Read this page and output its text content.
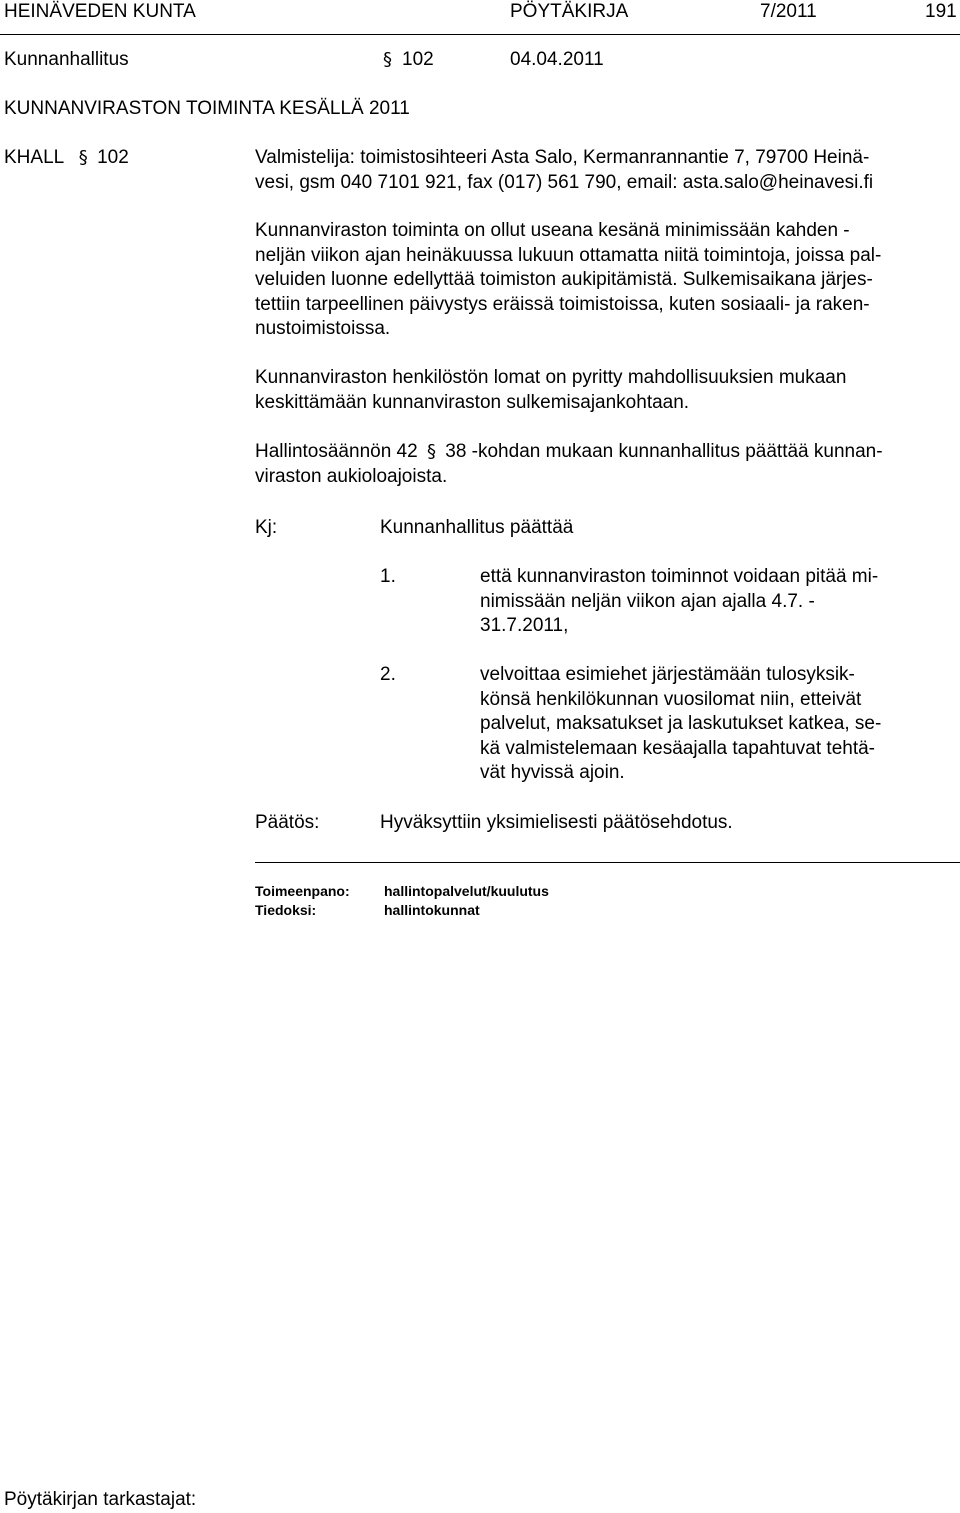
HEINÄVEDEN KUNTA	PÖYTÄKIRJA	7/2011	191
Kunnanhallitus	§ 102	04.04.2011
KUNNANVIRASTON TOIMINTA KESÄLLÄ 2011
KHALL § 102	Valmistelija: toimistosihteeri Asta Salo, Kermanrannantie 7, 79700 Heinä-
vesi, gsm 040 7101 921, fax (017) 561 790, email: asta.salo@heinavesi.fi
Kunnanviraston toiminta on ollut useana kesänä minimissään kahden -
neljän viikon ajan heinäkuussa lukuun ottamatta niitä toimintoja, joissa pal-
veluiden luonne edellyttää toimiston aukipitämistä. Sulkemisaikana järjes-
tettiin tarpeellinen päivystys eräissä toimistoissa, kuten sosiaali- ja raken-
nustoimistoissa.
Kunnanviraston henkilöstön lomat on pyritty mahdollisuuksien mukaan
keskittämään kunnanviraston sulkemisajankohtaan.
Hallintosäännön 42 § 38 -kohdan mukaan kunnanhallitus päättää kunnan-
viraston aukioloajoista.
Kj:	Kunnanhallitus päättää
1.	että kunnanviraston toiminnot voidaan pitää mi-
nimissään neljän viikon ajan ajalla 4.7. -
31.7.2011,
2.	velvoittaa esimiehet järjestämään tulosyksik-
könsä henkilökunnan vuosilomat niin, etteivät
palvelut, maksatukset ja laskutukset katkea, se-
kä valmistelemaan kesäajalla tapahtuvat tehtä-
vät hyvissä ajoin.
Päätös:	Hyväksyttiin yksimielisesti päätösehdotus.
Toimeenpano: hallintopalvelut/kuulutus
Tiedoksi:	hallintokunnat
Pöytäkirjan tarkastajat:
